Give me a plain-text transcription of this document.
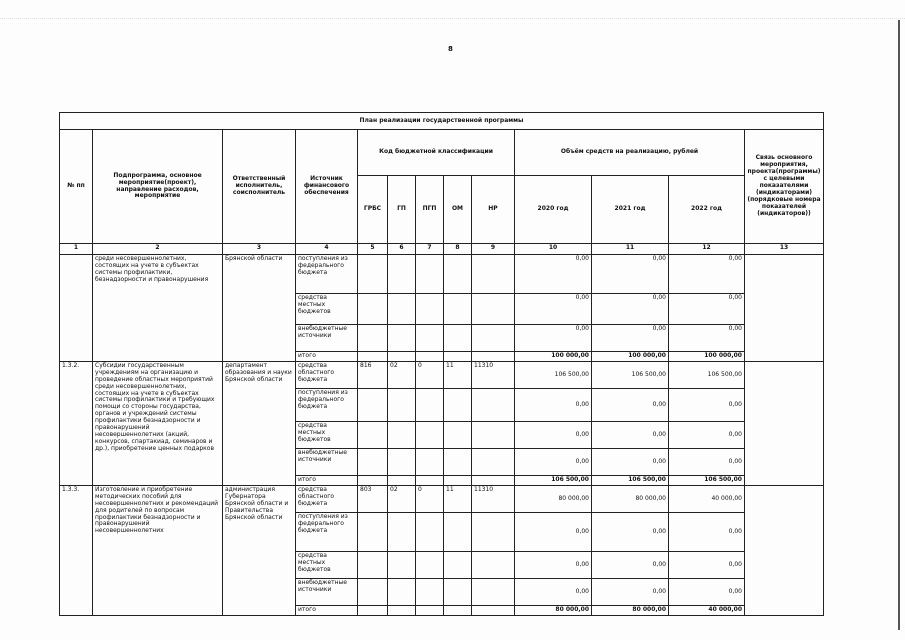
8
План реализации государственной программы												
№ пп	Подпрограмма, основное мероприятие(проект), направление расходов, мероприятие	Ответственный исполнитель, соисполнитель	Источник финансового обеспечения	Код бюджетной классификации					Объём средств на реализацию, рублей			Связь основного мероприятия, проекта(программы) с целевыми показателями (индикаторами) (порядковые номера показателей (индикаторов))
				ГРБС	ГП	ПГП	ОМ	НР	2020 год	2021 год	2022 год	
1	2	3	4	5	6	7	8	9	10	11	12	13
	среди несовершеннолетних, состоящих на учете в субъектах системы профилактики, безнадзорности и правонарушения	Брянской области	поступления из федерального бюджета						0,00	0,00	0,00	
			средства местных бюджетов						0,00	0,00	0,00	
			внебюджетные источники						0,00	0,00	0,00	
			итого						100 000,00	100 000,00	100 000,00	
1.3.2.	Субсидии государственным учреждениям на организацию и проведение областных мероприятий среди несовершеннолетних, состоящих на учете в субъектах системы профилактики и требующих помощи со стороны государства, органов и учреждений системы профилактики безнадзорности и правонарушений несовершеннолетних (акций, конкурсов, спартакиад, семинаров и др.), приобретение ценных подарков	департамент образования и науки Брянской области	средства областного бюджета	816	02	0	11	11310	106 500,00	106 500,00	106 500,00	
			поступления из федерального бюджета						0,00	0,00	0,00	
			средства местных бюджетов						0,00	0,00	0,00	
			внебюджетные источники						0,00	0,00	0,00	
			итого						106 500,00	106 500,00	106 500,00	
1.3.3.	Изготовление и приобретение методических пособий для несовершеннолетних и рекомендаций для родителей по вопросам профилактики безнадзорности и правонарушений несовершеннолетних	администрация Губернатора Брянской области и Правительства Брянской области	средства областного бюджета	803	02	0	11	11310	80 000,00	80 000,00	40 000,00	
			поступления из федерального бюджета						0,00	0,00	0,00	
			средства местных бюджетов						0,00	0,00	0,00	
			внебюджетные источники						0,00	0,00	0,00	
			итого						80 000,00	80 000,00	40 000,00	
